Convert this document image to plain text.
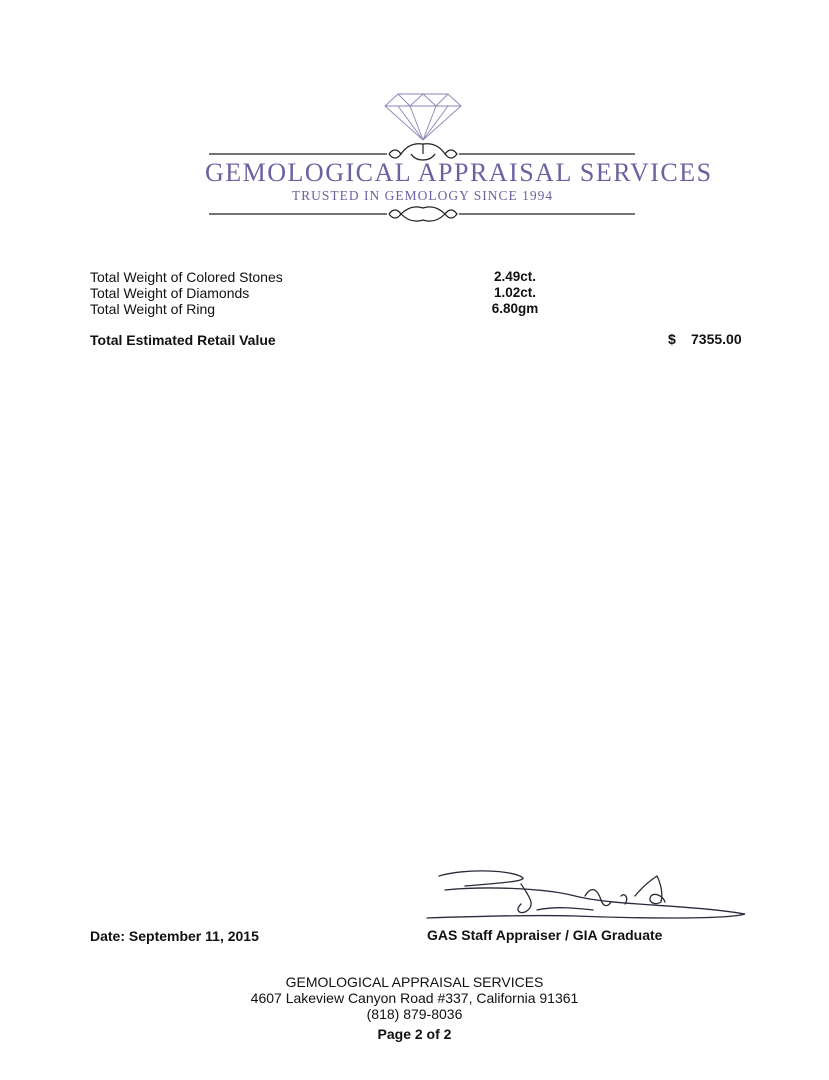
GEMOLOGICAL APPRAISAL SERVICES
TRUSTED IN GEMOLOGY SINCE 1994
Total Weight of Colored Stones	2.49ct.
Total Weight of Diamonds	1.02ct.
Total Weight of Ring	6.80gm
Total Estimated Retail Value	$ 7355.00
Date: September 11, 2015	GAS Staff Appraiser / GIA Graduate
GEMOLOGICAL APPRAISAL SERVICES
4607 Lakeview Canyon Road #337, California 91361
(818) 879-8036
Page 2 of 2
